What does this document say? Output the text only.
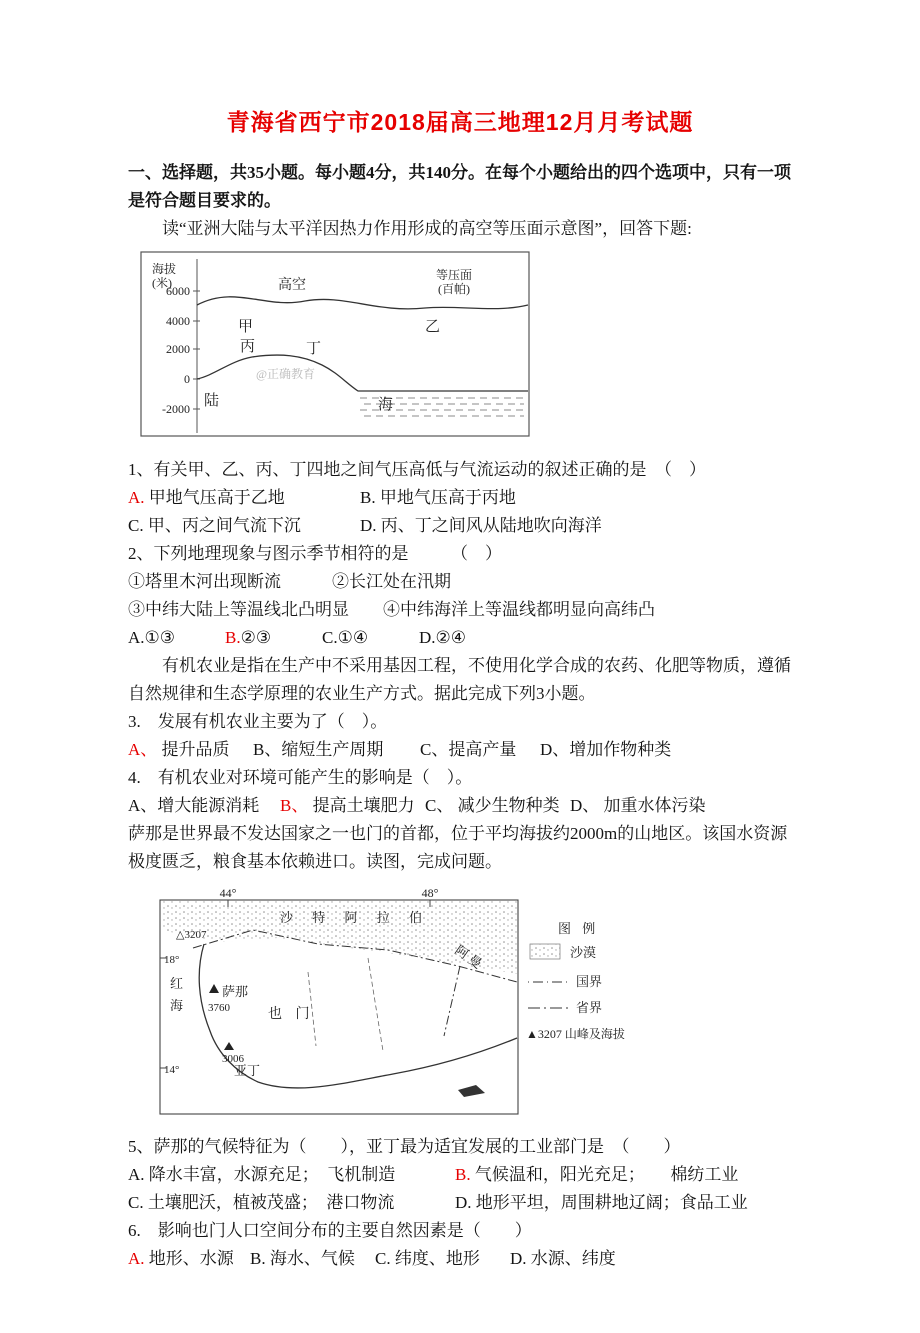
青海省西宁市2018届高三地理12月月考试题

一、选择题，共35小题。每小题4分，共140分。在每个小题给出的四个选项中，只有一项是符合题目要求的。

读“亚洲大陆与太平洋因热力作用形成的高空等压面示意图”，回答下题:

海拔
(米)
6000
4000
2000
0
-2000
高空
等压面
(百帕)
甲	乙
丙	丁
陆	海
@正确教育

1、有关甲、乙、丙、丁四地之间气压高低与气流运动的叙述正确的是　（　）

A. 甲地气压高于乙地	B. 甲地气压高于丙地

C. 甲、丙之间气流下沉	D. 丙、丁之间风从陆地吹向海洋

2、下列地理现象与图示季节相符的是　　　（　）

①塔里木河出现断流　　　②长江处在汛期

③中纬大陆上等温线北凸明显　　④中纬海洋上等温线都明显向高纬凸

A.①③	B.②③	C.①④	D.②④

有机农业是指在生产中不采用基因工程，不使用化学合成的农药、化肥等物质，遵循自然规律和生态学原理的农业生产方式。据此完成下列3小题。

3.　发展有机农业主要为了（　）。

A、 提升品质 B、缩短生产周期 C、提高产量 D、增加作物种类

4.　有机农业对环境可能产生的影响是（　）。

A、增大能源消耗 B、 提高土壤肥力 C、 减少生物种类 D、 加重水体污染

萨那是世界最不发达国家之一也门的首都，位于平均海拔约2000m的山地区。该国水资源极度匮乏，粮食基本依赖进口。读图，完成问题。

44°	48°
18°
14°
沙 特 阿 拉 伯
阿 曼
红
海
△3207
萨那
3760	也 门
3006
亚丁
图 例
沙漠
国界
省界
▲3207 山峰及海拔

5、萨那的气候特征为（　　），亚丁最为适宜发展的工业部门是　（　　）

A. 降水丰富，水源充足；　飞机制造	B. 气候温和，阳光充足；　　棉纺工业

C. 土壤肥沃，植被茂盛；　港口物流	D. 地形平坦，周围耕地辽阔；食品工业

6.　影响也门人口空间分布的主要自然因素是（　　）

A. 地形、水源 B. 海水、气候 C. 纬度、地形 D. 水源、纬度
